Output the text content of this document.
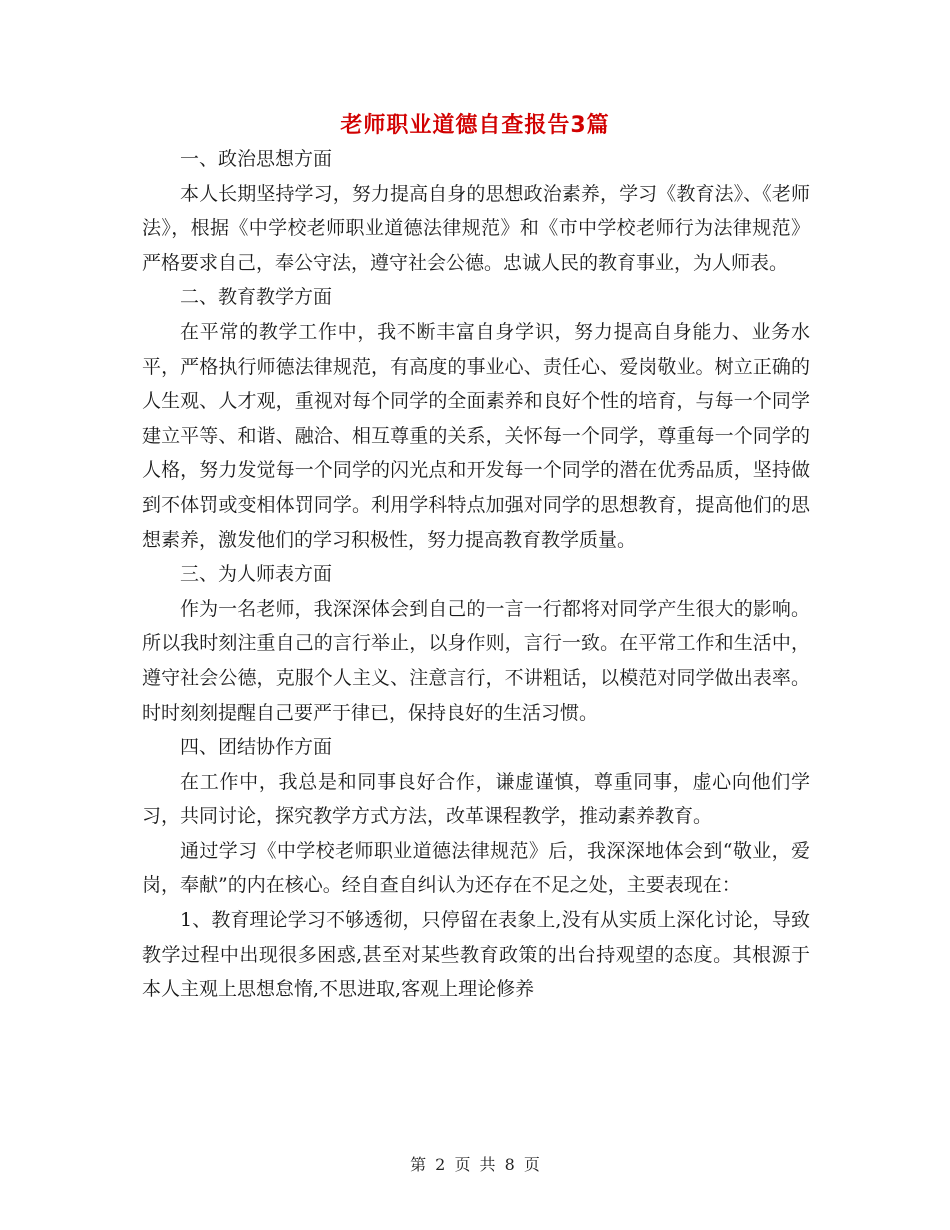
老师职业道德自查报告3篇

一、政治思想方面

本人长期坚持学习，努力提高自身的思想政治素养，学习《教育法》、《老师法》，根据《中学校老师职业道德法律规范》和《市中学校老师行为法律规范》严格要求自己，奉公守法，遵守社会公德。忠诚人民的教育事业，为人师表。

二、教育教学方面

在平常的教学工作中，我不断丰富自身学识，努力提高自身能力、业务水平，严格执行师德法律规范，有高度的事业心、责任心、爱岗敬业。树立正确的人生观、人才观，重视对每个同学的全面素养和良好个性的培育，与每一个同学建立平等、和谐、融洽、相互尊重的关系，关怀每一个同学，尊重每一个同学的人格，努力发觉每一个同学的闪光点和开发每一个同学的潜在优秀品质，坚持做到不体罚或变相体罚同学。利用学科特点加强对同学的思想教育，提高他们的思想素养，激发他们的学习积极性，努力提高教育教学质量。

三、为人师表方面

作为一名老师，我深深体会到自己的一言一行都将对同学产生很大的影响。所以我时刻注重自己的言行举止，以身作则，言行一致。在平常工作和生活中，遵守社会公德，克服个人主义、注意言行，不讲粗话，以模范对同学做出表率。时时刻刻提醒自己要严于律已，保持良好的生活习惯。

四、团结协作方面

在工作中，我总是和同事良好合作，谦虚谨慎，尊重同事，虚心向他们学习，共同讨论，探究教学方式方法，改革课程教学，推动素养教育。

通过学习《中学校老师职业道德法律规范》后，我深深地体会到“敬业，爱岗，奉献”的内在核心。经自查自纠认为还存在不足之处，主要表现在：

1、教育理论学习不够透彻，只停留在表象上,没有从实质上深化讨论，导致教学过程中出现很多困惑,甚至对某些教育政策的出台持观望的态度。其根源于本人主观上思想怠惰,不思进取,客观上理论修养

第 2 页 共 8 页
